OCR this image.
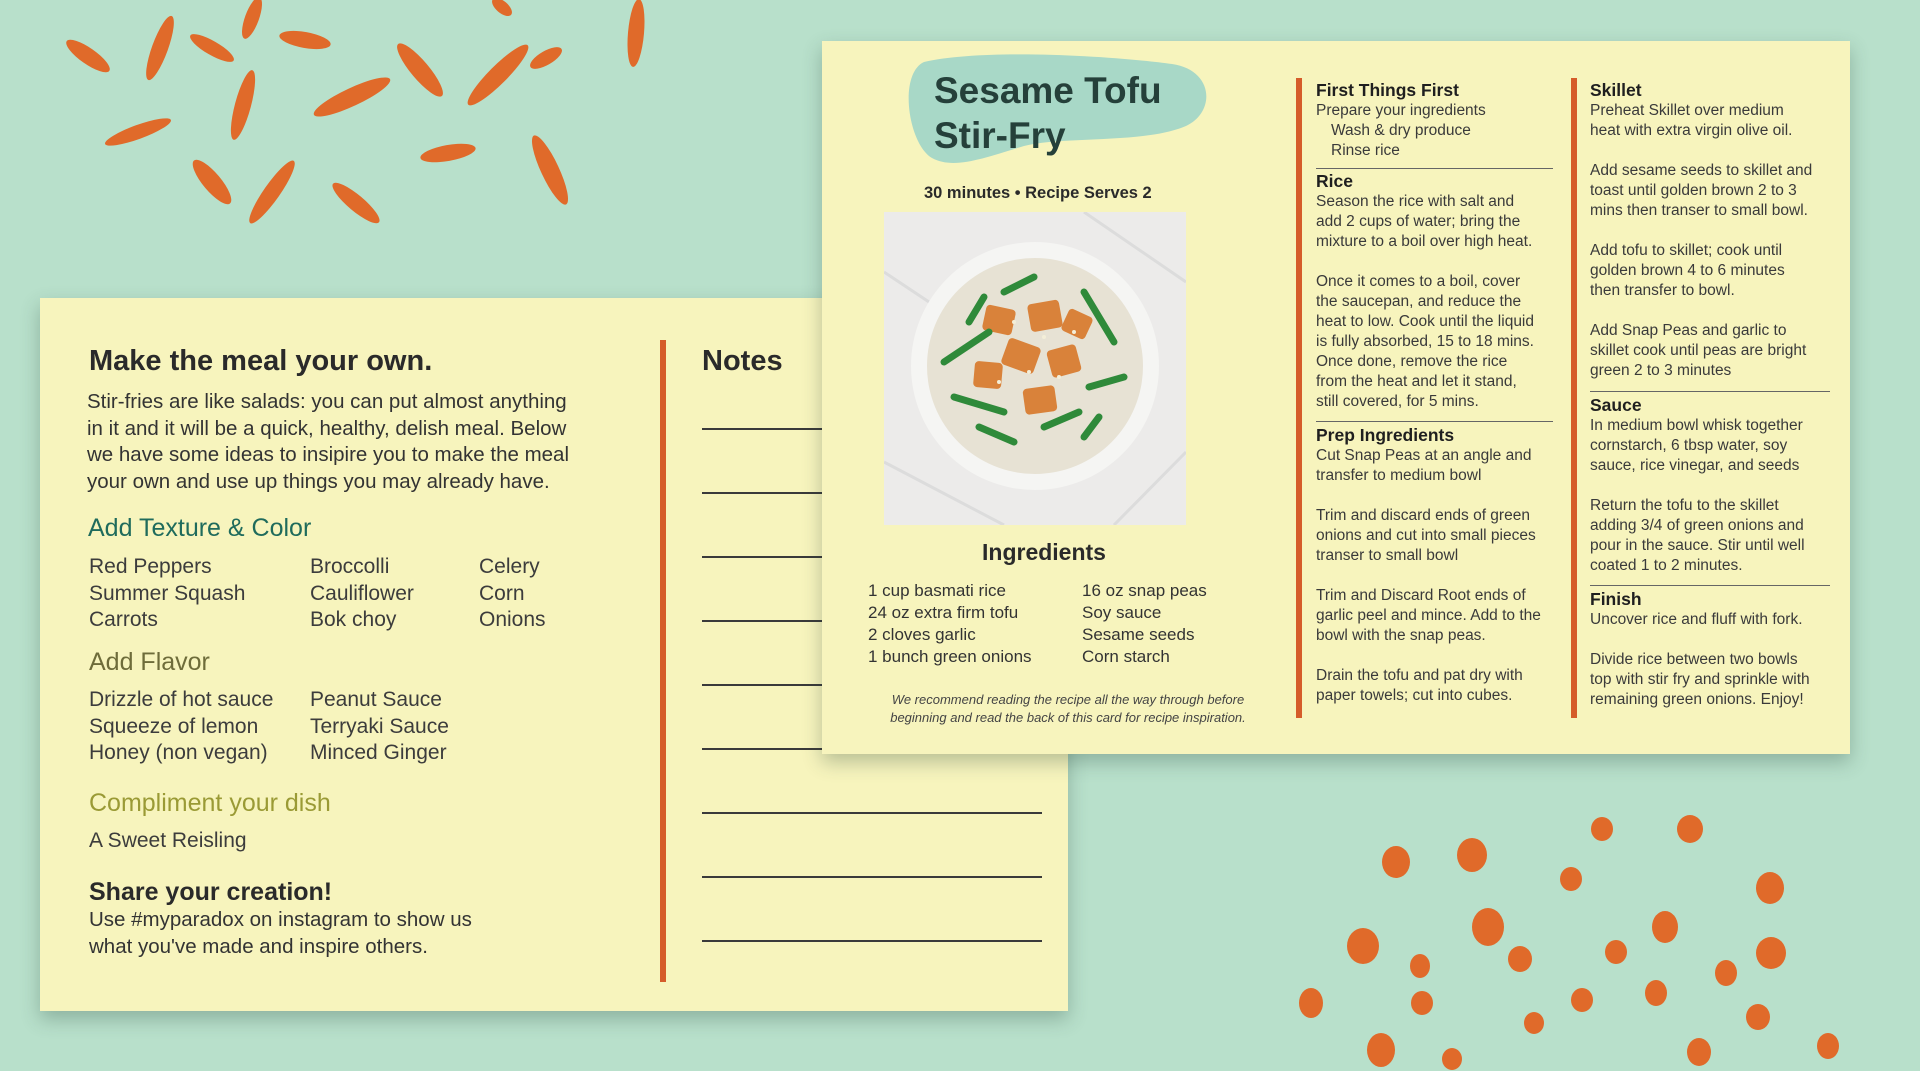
Make the meal your own.
Stir-fries are like salads: you can put almost anything
in it and it will be a quick, healthy, delish meal. Below
we have some ideas to insipire you to make the meal
your own and use up things you may already have.
Add Texture & Color
Red Peppers
Summer Squash
Carrots
Broccolli
Cauliflower
Bok choy
Celery
Corn
Onions
Add Flavor
Drizzle of hot sauce
Squeeze of lemon
Honey (non vegan)
Peanut Sauce
Terryaki Sauce
Minced Ginger
Compliment your dish
A Sweet Reisling
Share your creation!
Use #myparadox on instagram to show us
what you've made and inspire others.
Notes
Sesame Tofu
Stir-Fry
30 minutes • Recipe Serves 2
Ingredients
1 cup basmati rice
24 oz extra firm tofu
2 cloves garlic
1 bunch green onions
16 oz snap peas
Soy sauce
Sesame seeds
Corn starch
We recommend reading the recipe all the way through before
beginning and read the back of this card for recipe inspiration.
First Things First
Prepare your ingredients
Wash & dry produce
Rinse rice
Rice
Season the rice with salt and
add 2 cups of water; bring the
mixture to a boil over high heat.
Once it comes to a boil, cover
the saucepan, and reduce the
heat to low. Cook until the liquid
is fully absorbed, 15 to 18 mins.
Once done, remove the rice
from the heat and let it stand,
still covered, for 5 mins.
Prep Ingredients
Cut Snap Peas at an angle and
transfer to medium bowl
Trim and discard ends of green
onions and cut into small pieces
transer to small bowl
Trim and Discard Root ends of
garlic peel and mince. Add to the
bowl with the snap peas.
Drain the tofu and pat dry with
paper towels; cut into cubes.
Skillet
Preheat Skillet over medium
heat with extra virgin olive oil.
Add sesame seeds to skillet and
toast until golden brown 2 to 3
mins then transer to small bowl.
Add tofu to skillet; cook until
golden brown 4 to 6 minutes
then transfer to bowl.
Add Snap Peas and garlic to
skillet cook until peas are bright
green 2 to 3 minutes
Sauce
In medium bowl whisk together
cornstarch, 6 tbsp water, soy
sauce, rice vinegar, and seeds
Return the tofu to the skillet
adding 3/4 of green onions and
pour in the sauce. Stir until well
coated 1 to 2 minutes.
Finish
Uncover rice and fluff with fork.
Divide rice between two bowls
top with stir fry and sprinkle with
remaining green onions. Enjoy!
